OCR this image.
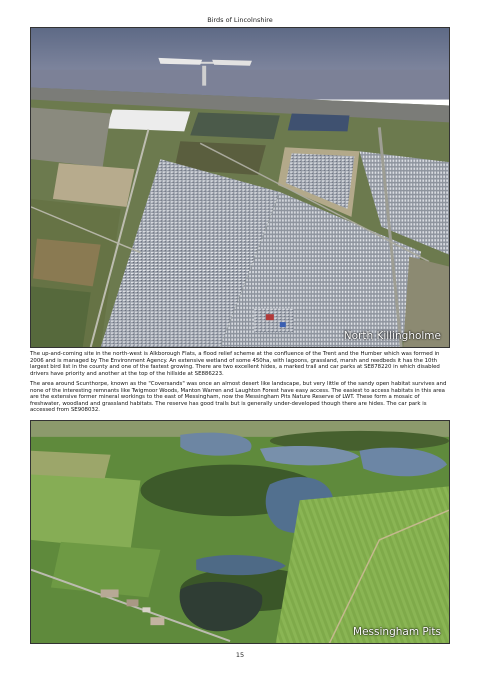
Birds of Lincolnshire
North Killingholme

The up-and-coming site in the north-west is Alkborough Flats, a flood relief scheme at the confluence of the Trent and the Humber which was formed in 2006 and is managed by The Environment Agency. An extensive wetland of some 450ha, with lagoons, grassland, marsh and reedbeds it has the 10th largest bird list in the county and one of the fastest growing. There are two excellent hides, a marked trail and car parks at SE878220 in which disabled drivers have priority and another at the top of the hillside at SE886223.

The area around Scunthorpe, known as the "Coversands" was once an almost desert like landscape, but very little of the sandy open habitat survives and none of the interesting remnants like Twigmoor Woods, Manton Warren and Laughton Forest have easy access. The easiest to access habitats in this area are the extensive former mineral workings to the east of Messingham, now the Messingham Pits Nature Reserve of LWT. These form a mosaic of freshwater, woodland and grassland habitats. The reserve has good trails but is generally under-developed though there are hides. The car park is accessed from SE908032.

Messingham Pits
15
